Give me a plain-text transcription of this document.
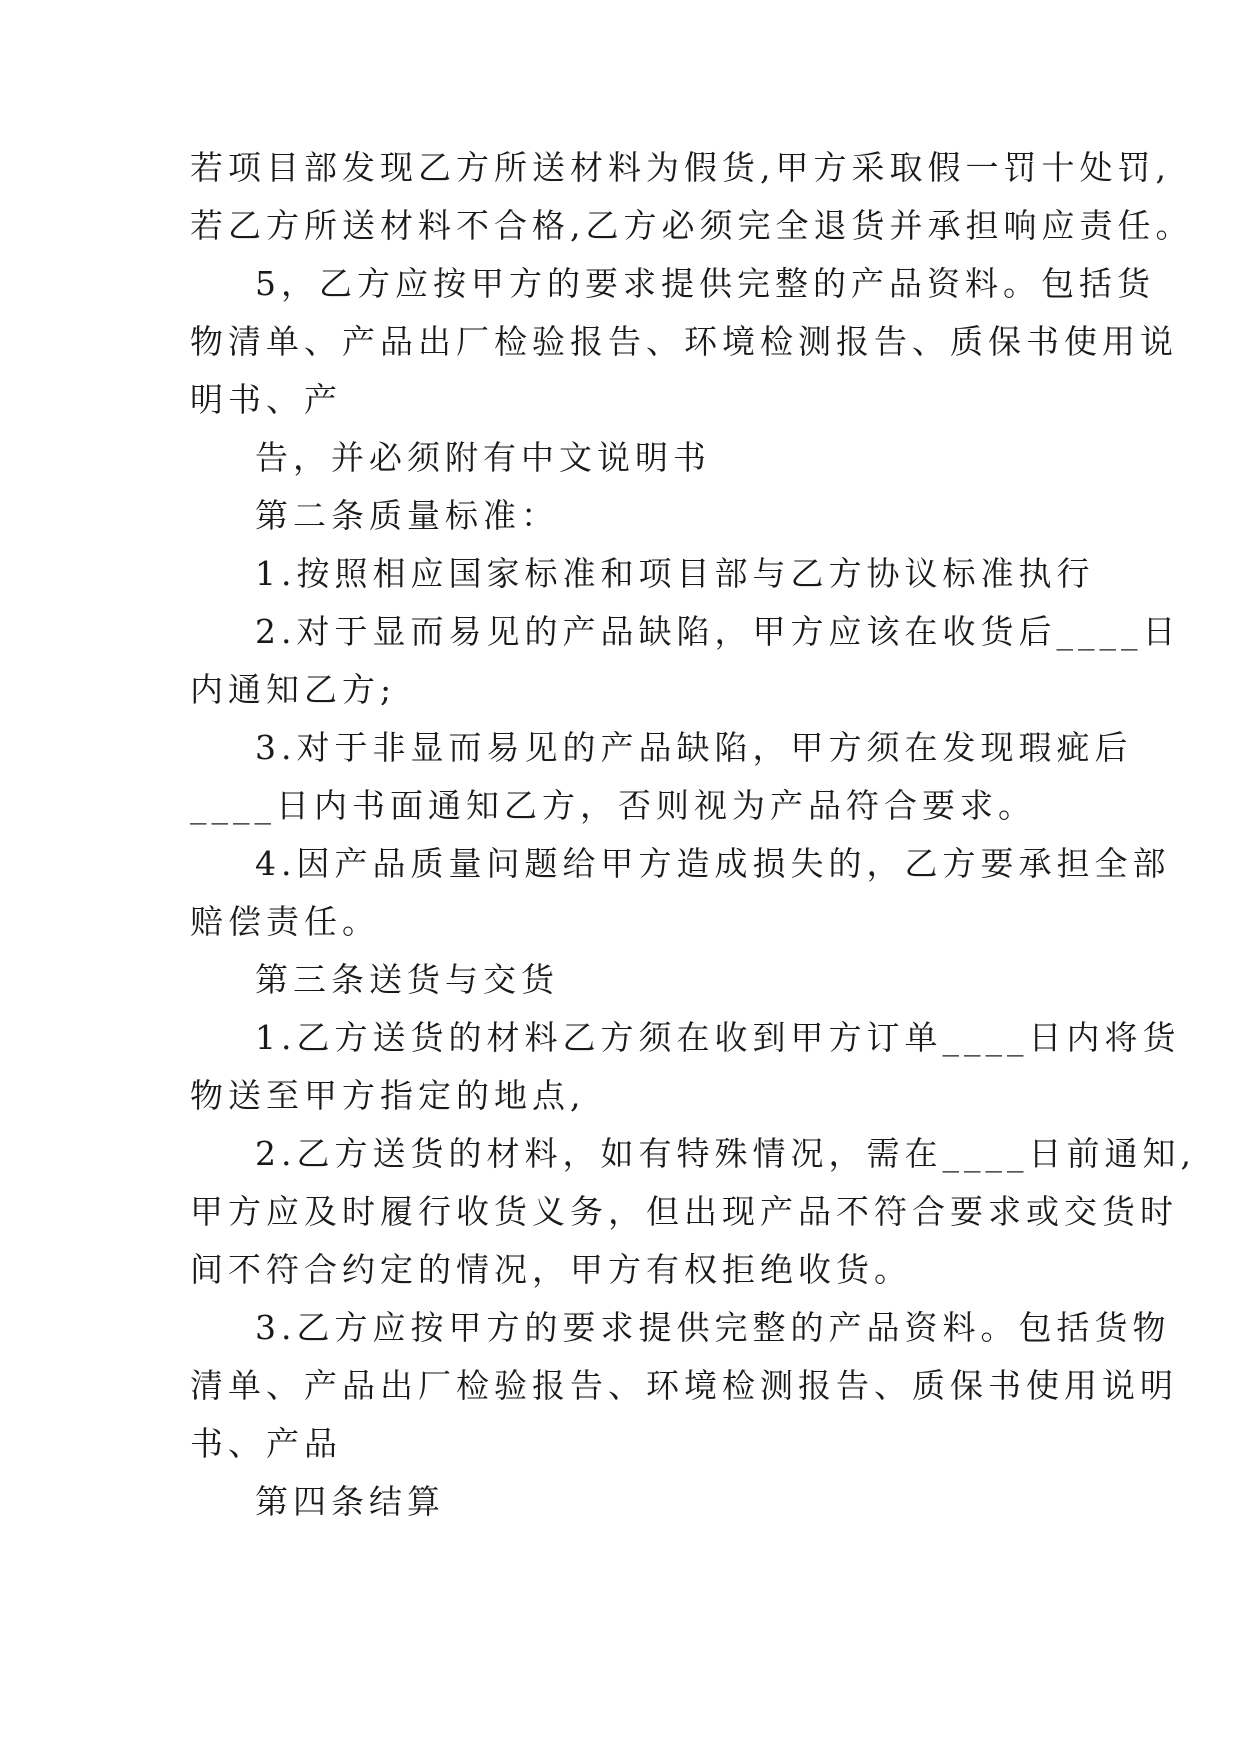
若项目部发现乙方所送材料为假货,甲方采取假一罚十处罚,
若乙方所送材料不合格,乙方必须完全退货并承担响应责任。
5，乙方应按甲方的要求提供完整的产品资料。包括货
物清单、产品出厂检验报告、环境检测报告、质保书使用说
明书、产
告，并必须附有中文说明书
第二条质量标准：
1.按照相应国家标准和项目部与乙方协议标准执行
2.对于显而易见的产品缺陷，甲方应该在收货后____日
内通知乙方;
3.对于非显而易见的产品缺陷，甲方须在发现瑕疵后
____日内书面通知乙方，否则视为产品符合要求。
4.因产品质量问题给甲方造成损失的，乙方要承担全部
赔偿责任。
第三条送货与交货
1.乙方送货的材料乙方须在收到甲方订单____日内将货
物送至甲方指定的地点,
2.乙方送货的材料，如有特殊情况，需在____日前通知,
甲方应及时履行收货义务，但出现产品不符合要求或交货时
间不符合约定的情况，甲方有权拒绝收货。
3.乙方应按甲方的要求提供完整的产品资料。包括货物
清单、产品出厂检验报告、环境检测报告、质保书使用说明
书、产品
第四条结算
